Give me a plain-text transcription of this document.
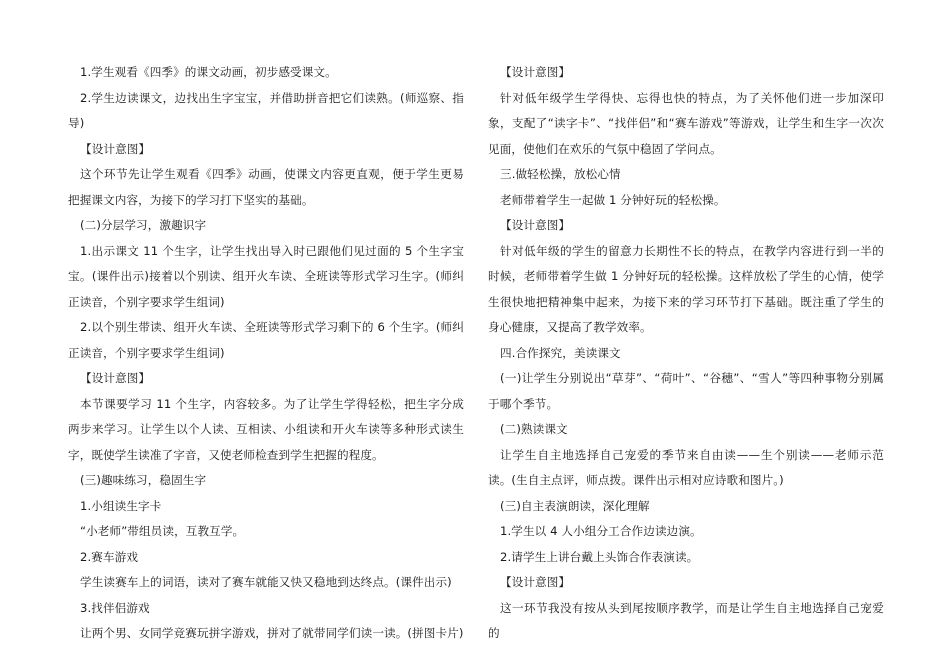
1.学生观看《四季》的课文动画，初步感受课文。

2.学生边读课文，边找出生字宝宝，并借助拼音把它们读熟。(师巡察、指导)

【设计意图】

这个环节先让学生观看《四季》动画，使课文内容更直观，便于学生更易把握课文内容，为接下的学习打下坚实的基础。

(二)分层学习，激趣识字

1.出示课文 11 个生字，让学生找出导入时已跟他们见过面的 5 个生字宝宝。(课件出示)接着以个别读、组开火车读、全班读等形式学习生字。(师纠正读音，个别字要求学生组词)

2.以个别生带读、组开火车读、全班读等形式学习剩下的 6 个生字。(师纠正读音，个别字要求学生组词)

【设计意图】

本节课要学习 11 个生字，内容较多。为了让学生学得轻松，把生字分成两步来学习。让学生以个人读、互相读、小组读和开火车读等多种形式读生字，既使学生读准了字音，又使老师检查到学生把握的程度。

(三)趣味练习，稳固生字

1.小组读生字卡

“小老师”带组员读，互教互学。

2.赛车游戏

学生读赛车上的词语，读对了赛车就能又快又稳地到达终点。(课件出示)

3.找伴侣游戏

让两个男、女同学竞赛玩拼字游戏，拼对了就带同学们读一读。(拼图卡片)

【设计意图】

针对低年级学生学得快、忘得也快的特点，为了关怀他们进一步加深印象，支配了“读字卡”、“找伴侣”和“赛车游戏”等游戏，让学生和生字一次次见面，使他们在欢乐的气氛中稳固了学问点。

三.做轻松操，放松心情

老师带着学生一起做 1 分钟好玩的轻松操。

【设计意图】

针对低年级的学生的留意力长期性不长的特点，在教学内容进行到一半的时候，老师带着学生做 1 分钟好玩的轻松操。这样放松了学生的心情，使学生很快地把精神集中起来，为接下来的学习环节打下基础。既注重了学生的身心健康，又提高了教学效率。

四.合作探究，美读课文

(一)让学生分别说出“草芽”、“荷叶”、“谷穗”、“雪人”等四种事物分别属于哪个季节。

(二)熟读课文

让学生自主地选择自己宠爱的季节来自由读——生个别读——老师示范读。(生自主点评，师点拨。课件出示相对应诗歌和图片。)

(三)自主表演朗读，深化理解

1.学生以 4 人小组分工合作边读边演。

2.请学生上讲台戴上头饰合作表演读。

【设计意图】

这一环节我没有按从头到尾按顺序教学，而是让学生自主地选择自己宠爱的
